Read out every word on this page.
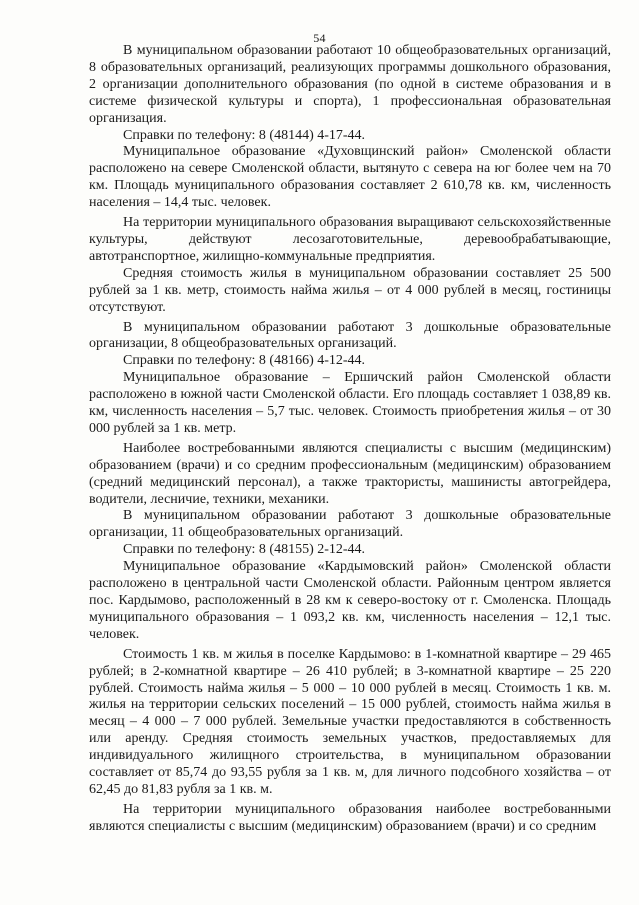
54

В муниципальном образовании работают 10 общеобразовательных организаций, 8 образовательных организаций, реализующих программы дошкольного образования, 2 организации дополнительного образования (по одной в системе образования и в системе физической культуры и спорта), 1 профессиональная образовательная организация.

Справки по телефону: 8 (48144) 4-17-44.

Муниципальное образование «Духовщинский район» Смоленской области расположено на севере Смоленской области, вытянуто с севера на юг более чем на 70 км. Площадь муниципального образования составляет 2 610,78 кв. км, численность населения – 14,4 тыс. человек.

На территории муниципального образования выращивают сельскохозяйственные культуры, действуют лесозаготовительные, деревообрабатывающие, автотранспортное, жилищно-коммунальные предприятия.

Средняя стоимость жилья в муниципальном образовании составляет 25 500 рублей за 1 кв. метр, стоимость найма жилья – от 4 000 рублей в месяц, гостиницы отсутствуют.

В муниципальном образовании работают 3 дошкольные образовательные организации, 8 общеобразовательных организаций.

Справки по телефону: 8 (48166) 4-12-44.

Муниципальное образование – Ершичский район Смоленской области расположено в южной части Смоленской области. Его площадь составляет 1 038,89 кв. км, численность населения – 5,7 тыс. человек. Стоимость приобретения жилья – от 30 000 рублей за 1 кв. метр.

Наиболее востребованными являются специалисты с высшим (медицинским) образованием (врачи) и со средним профессиональным (медицинским) образованием (средний медицинский персонал), а также трактористы, машинисты автогрейдера, водители, лесничие, техники, механики.

В муниципальном образовании работают 3 дошкольные образовательные организации, 11 общеобразовательных организаций.

Справки по телефону: 8 (48155) 2-12-44.

Муниципальное образование «Кардымовский район» Смоленской области расположено в центральной части Смоленской области. Районным центром является пос. Кардымово, расположенный в 28 км к северо-востоку от г. Смоленска. Площадь муниципального образования – 1 093,2 кв. км, численность населения – 12,1 тыс. человек.

Стоимость 1 кв. м жилья в поселке Кардымово: в 1-комнатной квартире – 29 465 рублей; в 2-комнатной квартире – 26 410 рублей; в 3-комнатной квартире – 25 220 рублей. Стоимость найма жилья – 5 000 – 10 000 рублей в месяц. Стоимость 1 кв. м. жилья на территории сельских поселений – 15 000 рублей, стоимость найма жилья в месяц – 4 000 – 7 000 рублей. Земельные участки предоставляются в собственность или аренду. Средняя стоимость земельных участков, предоставляемых для индивидуального жилищного строительства, в муниципальном образовании составляет от 85,74 до 93,55 рубля за 1 кв. м, для личного подсобного хозяйства – от 62,45 до 81,83 рубля за 1 кв. м.

На территории муниципального образования наиболее востребованными являются специалисты с высшим (медицинским) образованием (врачи) и со средним
